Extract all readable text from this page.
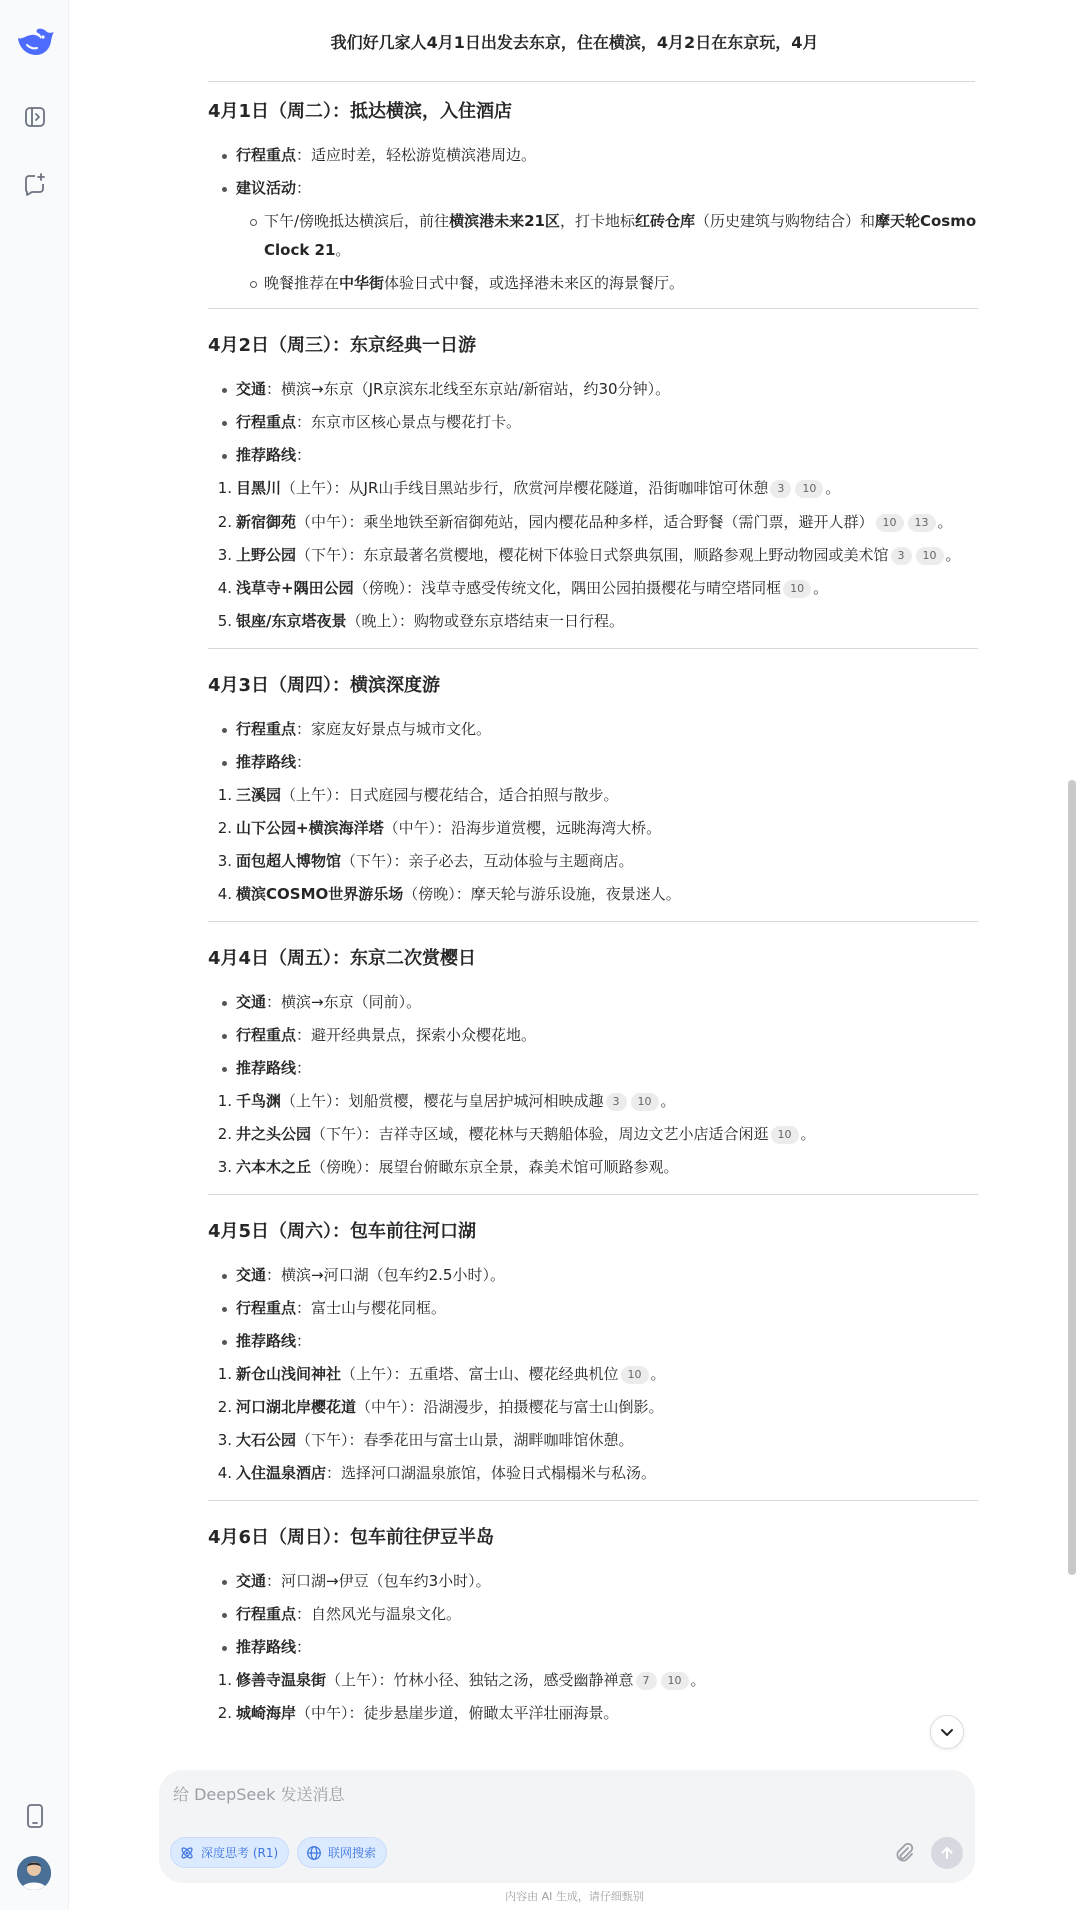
我们好几家人4月1日出发去东京，住在横滨，4月2日在东京玩，4月
4月1日（周二）：抵达横滨，入住酒店
行程重点：适应时差，轻松游览横滨港周边。
建议活动：
下午/傍晚抵达横滨后，前往横滨港未来21区，打卡地标红砖仓库（历史建筑与购物结合）和摩天轮Cosmo Clock 21。
晚餐推荐在中华街体验日式中餐，或选择港未来区的海景餐厅。
4月2日（周三）：东京经典一日游
交通：横滨→东京（JR京滨东北线至东京站/新宿站，约30分钟）。
行程重点：东京市区核心景点与樱花打卡。
推荐路线：
1. 目黑川（上午）：从JR山手线目黑站步行，欣赏河岸樱花隧道，沿街咖啡馆可休憩 3 10 。
2. 新宿御苑（中午）：乘坐地铁至新宿御苑站，园内樱花品种多样，适合野餐（需门票，避开人群） 10 13 。
3. 上野公园（下午）：东京最著名赏樱地，樱花树下体验日式祭典氛围，顺路参观上野动物园或美术馆 3 10 。
4. 浅草寺+隅田公园（傍晚）：浅草寺感受传统文化，隅田公园拍摄樱花与晴空塔同框 10 。
5. 银座/东京塔夜景（晚上）：购物或登东京塔结束一日行程。
4月3日（周四）：横滨深度游
行程重点：家庭友好景点与城市文化。
推荐路线：
1. 三溪园（上午）：日式庭园与樱花结合，适合拍照与散步。
2. 山下公园+横滨海洋塔（中午）：沿海步道赏樱，远眺海湾大桥。
3. 面包超人博物馆（下午）：亲子必去，互动体验与主题商店。
4. 横滨COSMO世界游乐场（傍晚）：摩天轮与游乐设施，夜景迷人。
4月4日（周五）：东京二次赏樱日
交通：横滨→东京（同前）。
行程重点：避开经典景点，探索小众樱花地。
推荐路线：
1. 千鸟渊（上午）：划船赏樱，樱花与皇居护城河相映成趣 3 10 。
2. 井之头公园（下午）：吉祥寺区域，樱花林与天鹅船体验，周边文艺小店适合闲逛 10 。
3. 六本木之丘（傍晚）：展望台俯瞰东京全景，森美术馆可顺路参观。
4月5日（周六）：包车前往河口湖
交通：横滨→河口湖（包车约2.5小时）。
行程重点：富士山与樱花同框。
推荐路线：
1. 新仓山浅间神社（上午）：五重塔、富士山、樱花经典机位 10 。
2. 河口湖北岸樱花道（中午）：沿湖漫步，拍摄樱花与富士山倒影。
3. 大石公园（下午）：春季花田与富士山景，湖畔咖啡馆休憩。
4. 入住温泉酒店：选择河口湖温泉旅馆，体验日式榻榻米与私汤。
4月6日（周日）：包车前往伊豆半岛
交通：河口湖→伊豆（包车约3小时）。
行程重点：自然风光与温泉文化。
推荐路线：
1. 修善寺温泉街（上午）：竹林小径、独钴之汤，感受幽静禅意 7 10 。
2. 城崎海岸（中午）：徒步悬崖步道，俯瞰太平洋壮丽海景。
给 DeepSeek 发送消息
深度思考 (R1)	联网搜索
内容由 AI 生成，请仔细甄别
